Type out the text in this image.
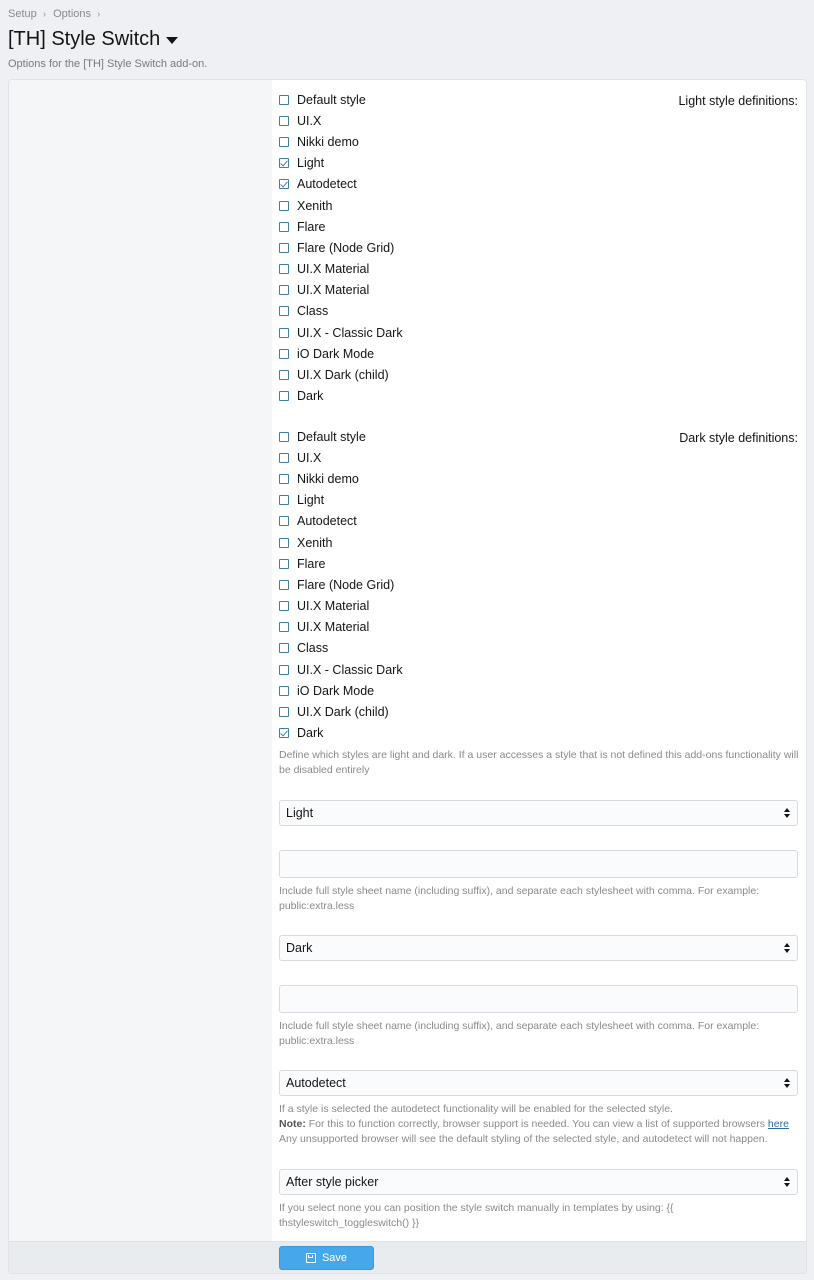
Setup › Options ›
[TH] Style Switch
Options for the [TH] Style Switch add-on.
Light style definitions:
Default style
UI.X
Nikki demo
Light
Autodetect
Xenith
Flare
Flare (Node Grid)
UI.X Material
UI.X Material
Class
UI.X - Classic Dark
iO Dark Mode
UI.X Dark (child)
Dark
Dark style definitions:
Default style
UI.X
Nikki demo
Light
Autodetect
Xenith
Flare
Flare (Node Grid)
UI.X Material
UI.X Material
Class
UI.X - Classic Dark
iO Dark Mode
UI.X Dark (child)
Dark
Define which styles are light and dark. If a user accesses a style that is not defined this add-ons functionality will be disabled entirely
Light
Include full style sheet name (including suffix), and separate each stylesheet with comma. For example: public:extra.less
Dark
Include full style sheet name (including suffix), and separate each stylesheet with comma. For example: public:extra.less
Autodetect
If a style is selected the autodetect functionality will be enabled for the selected style.
Note: For this to function correctly, browser support is needed. You can view a list of supported browsers here
Any unsupported browser will see the default styling of the selected style, and autodetect will not happen.
After style picker
If you select none you can position the style switch manually in templates by using: {{ thstyleswitch_toggleswitch() }}
Save
